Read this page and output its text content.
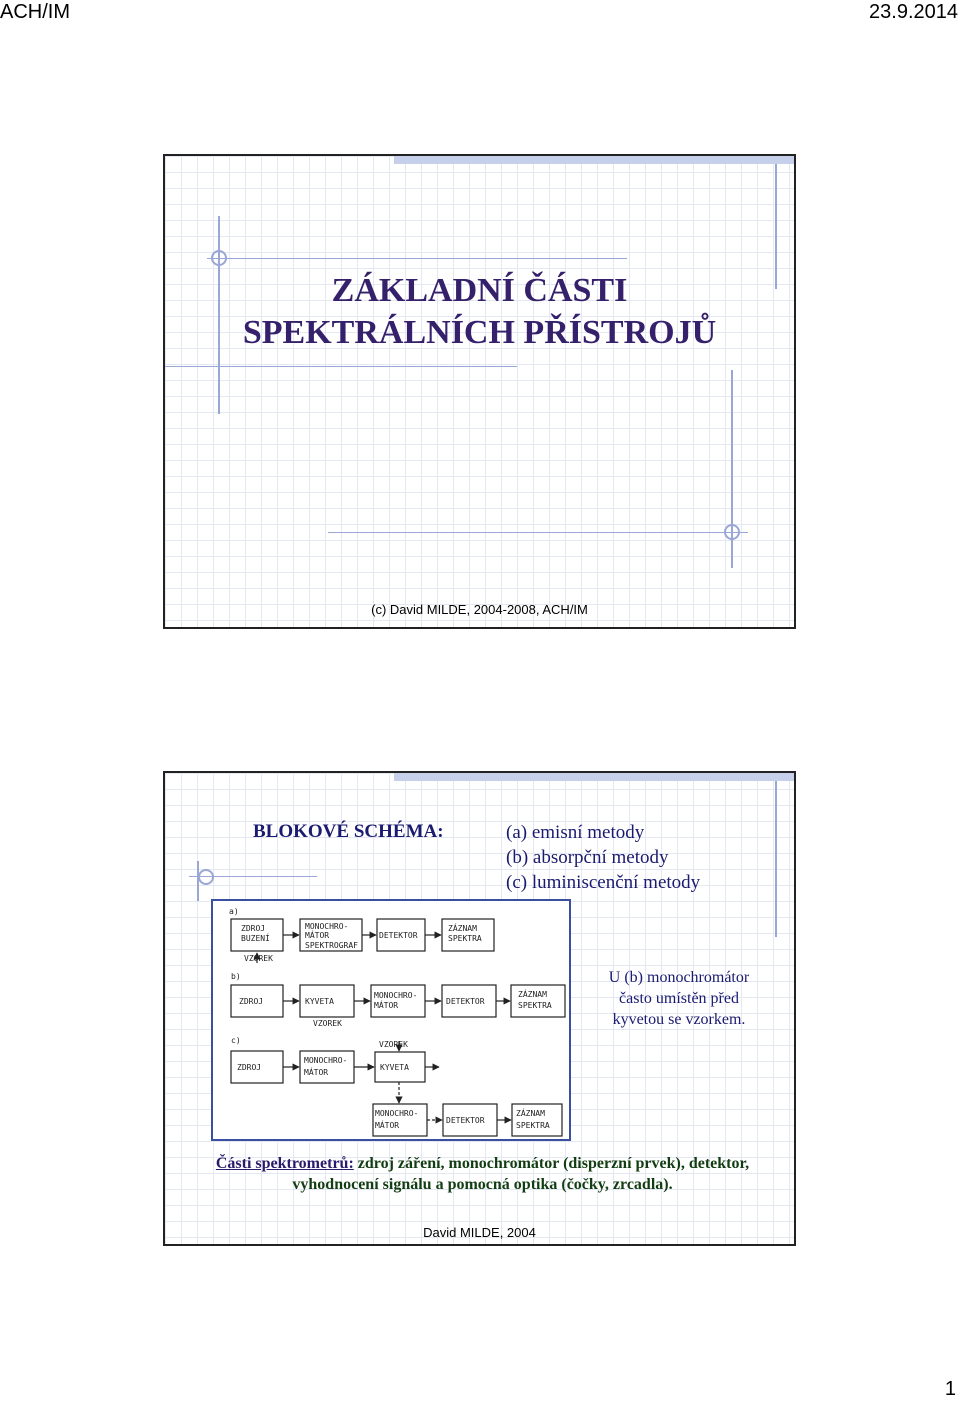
ACH/IM	23.9.2014
ZÁKLADNÍ ČÁSTI
SPEKTRÁLNÍCH PŘÍSTROJŮ
(c) David MILDE, 2004-2008, ACH/IM
BLOKOVÉ SCHÉMA:	(a) emisní metody
(b) absorpční metody
(c) luminiscenční metody
a)
ZDROJ
BUZENÍ
VZOREK
MONOCHRO-
MÁTOR
SPEKTROGRAF
DETEKTOR
ZÁZNAM
SPEKTRA
b)
ZDROJ	KYVETA
VZOREK
MONOCHRO-
MÁTOR	DETEKTOR
ZÁZNAM
SPEKTRA
c)
ZDROJ
MONOCHRO-
MÁTOR
VZOREK
KYVETA
MONOCHRO-
MÁTOR
DETEKTOR
ZÁZNAM
SPEKTRA
U (b) monochromátor
často umístěn před
kyvetou se vzorkem.
Části spektrometrů: zdroj záření, monochromátor (disperzní prvek), detektor, vyhodnocení signálu a pomocná optika (čočky, zrcadla).
David MILDE, 2004
1
